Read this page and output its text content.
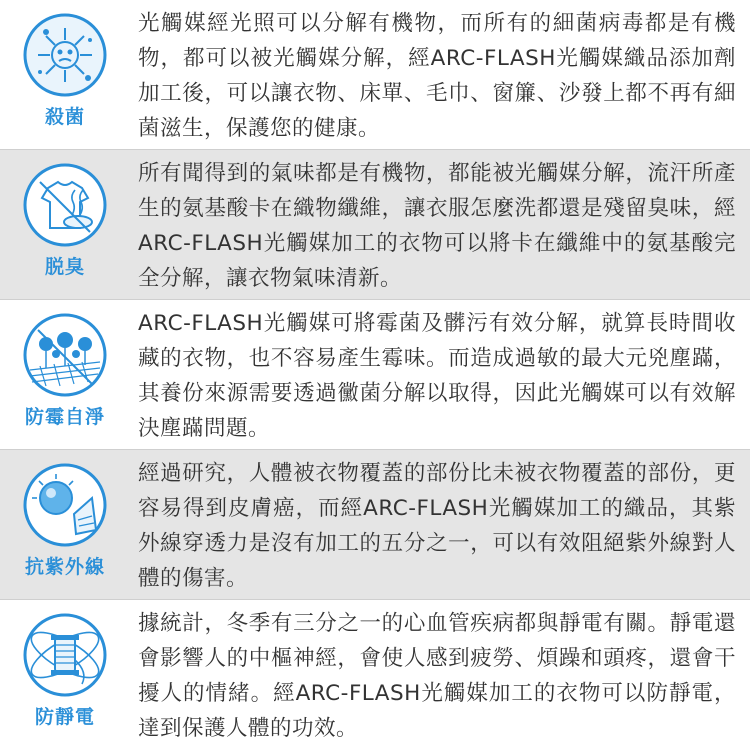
殺菌
光觸媒經光照可以分解有機物，而所有的細菌病毒都是有機物，都可以被光觸媒分解，經ARC-FLASH光觸媒織品添加劑加工後，可以讓衣物、床單、毛巾、窗簾、沙發上都不再有細菌滋生，保護您的健康。
脱臭
所有聞得到的氣味都是有機物，都能被光觸媒分解，流汗所產生的氨基酸卡在織物纖維，讓衣服怎麼洗都還是殘留臭味，經ARC-FLASH光觸媒加工的衣物可以將卡在纖維中的氨基酸完全分解，讓衣物氣味清新。
防霉自淨
ARC-FLASH光觸媒可將霉菌及髒污有效分解，就算長時間收藏的衣物，也不容易產生霉味。而造成過敏的最大元兇塵蹣，其養份來源需要透過黴菌分解以取得，因此光觸媒可以有效解決塵蹣問題。
抗紫外線
經過研究，人體被衣物覆蓋的部份比未被衣物覆蓋的部份，更容易得到皮膚癌，而經ARC-FLASH光觸媒加工的織品，其紫外線穿透力是沒有加工的五分之一，可以有效阻絕紫外線對人體的傷害。
防靜電
據統計，冬季有三分之一的心血管疾病都與靜電有關。靜電還會影響人的中樞神經，會使人感到疲勞、煩躁和頭疼，還會干擾人的情緒。經ARC-FLASH光觸媒加工的衣物可以防靜電，達到保護人體的功效。
